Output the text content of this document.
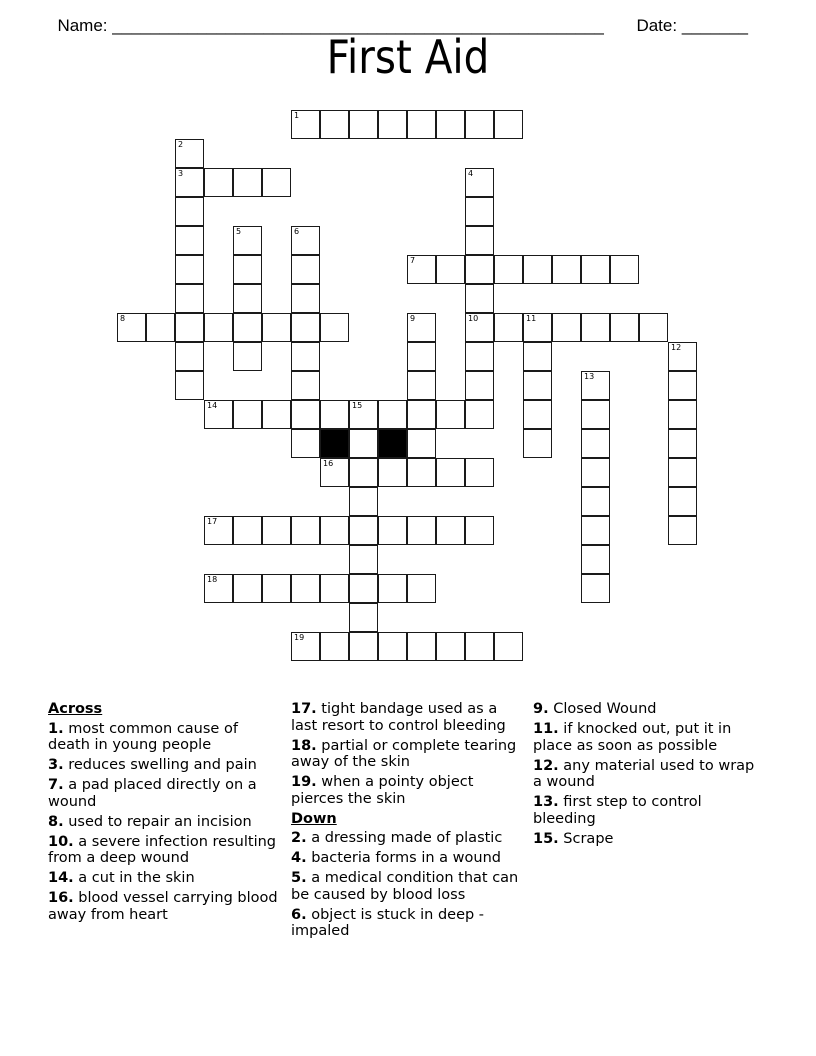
Name: ____________________________________________________	Date: _______

First Aid
1
2
3	4
10
5	6
7
8	9	11
12
13
14	15
16
17
18
19
Across
1. most common cause of death in young people
3. reduces swelling and pain
7. a pad placed directly on a wound
8. used to repair an incision
10. a severe infection resulting from a deep wound
14. a cut in the skin
16. blood vessel carrying blood away from heart
17. tight bandage used as a last resort to control bleeding
18. partial or complete tearing away of the skin
19. when a pointy object pierces the skin
Down
2. a dressing made of plastic
4. bacteria forms in a wound
5. a medical condition that can be caused by blood loss
6. object is stuck in deep - impaled
9. Closed Wound
11. if knocked out, put it in place as soon as possible
12. any material used to wrap a wound
13. first step to control bleeding
15. Scrape
